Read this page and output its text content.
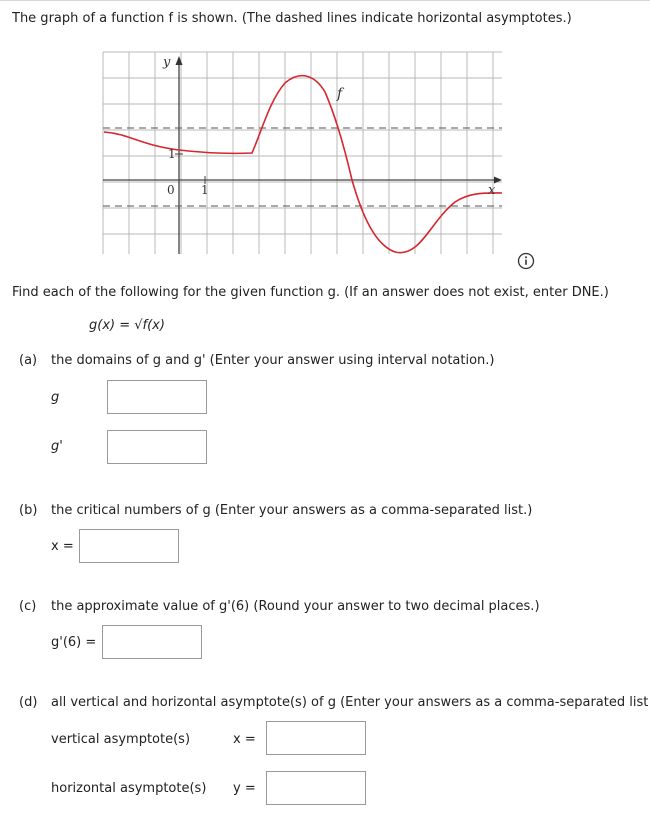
The graph of a function f is shown. (The dashed lines indicate horizontal asymptotes.)
y
x
f
1
1
0
Find each of the following for the given function g. (If an answer does not exist, enter DNE.)
g(x) = √f(x)
(a) the domains of g and g' (Enter your answer using interval notation.)
g
g'
(b) the critical numbers of g (Enter your answers as a comma-separated list.)
x =
(c) the approximate value of g'(6) (Round your answer to two decimal places.)
g'(6) =
(d) all vertical and horizontal asymptote(s) of g (Enter your answers as a comma-separated list
vertical asymptote(s)	x =
horizontal asymptote(s) y =
